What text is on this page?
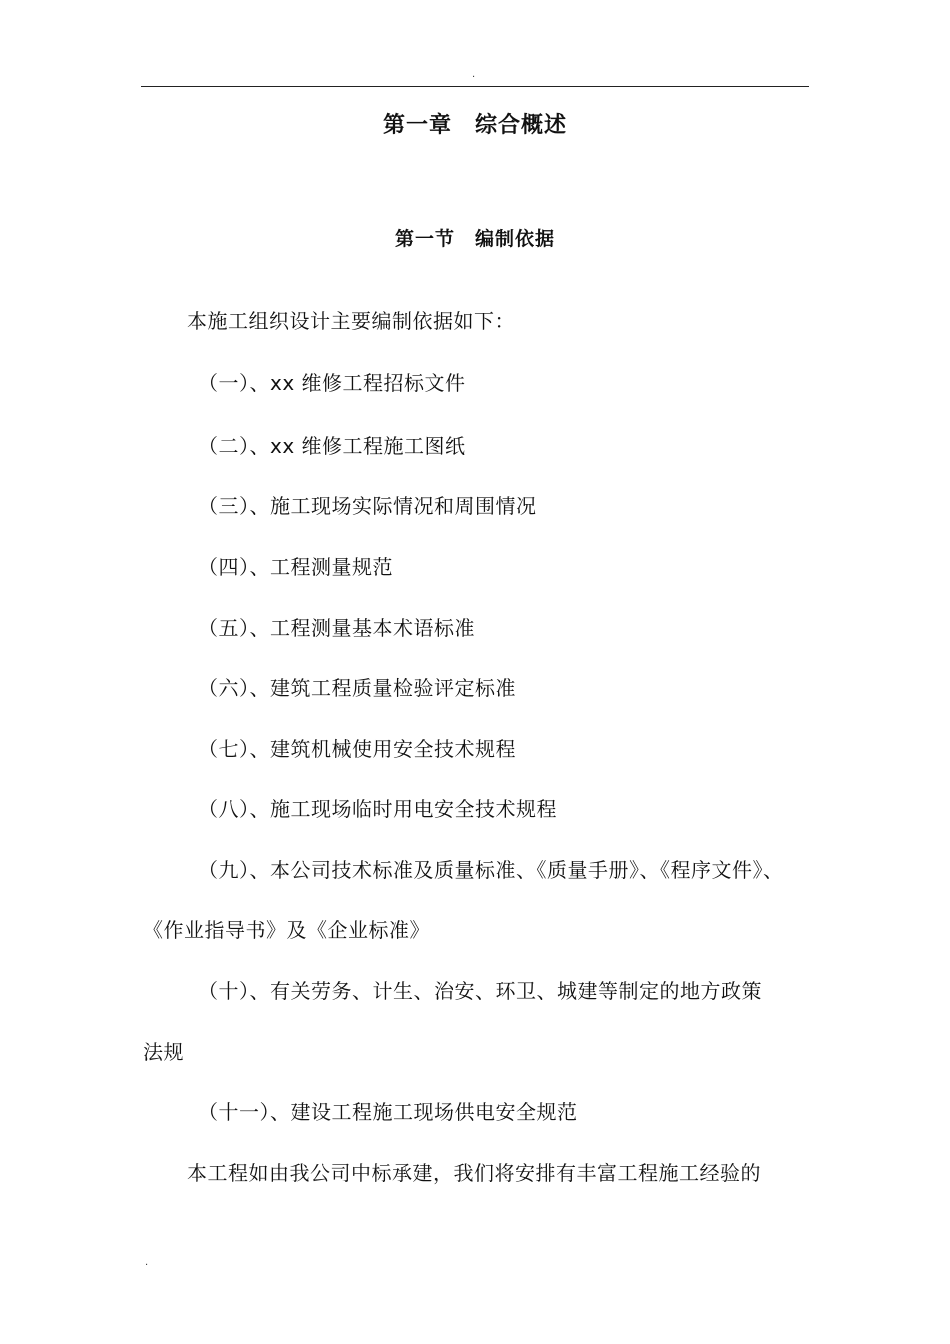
.
第一章　综合概述
第一节　编制依据
本施工组织设计主要编制依据如下：
（一）、xx 维修工程招标文件
（二）、xx 维修工程施工图纸
（三）、施工现场实际情况和周围情况
（四）、工程测量规范
（五）、工程测量基本术语标准
（六）、建筑工程质量检验评定标准
（七）、建筑机械使用安全技术规程
（八）、施工现场临时用电安全技术规程
（九）、本公司技术标准及质量标准、《质量手册》、《程序文件》、
《作业指导书》及《企业标准》
（十）、有关劳务、计生、治安、环卫、城建等制定的地方政策
法规
（十一）、建设工程施工现场供电安全规范
本工程如由我公司中标承建，我们将安排有丰富工程施工经验的
.
